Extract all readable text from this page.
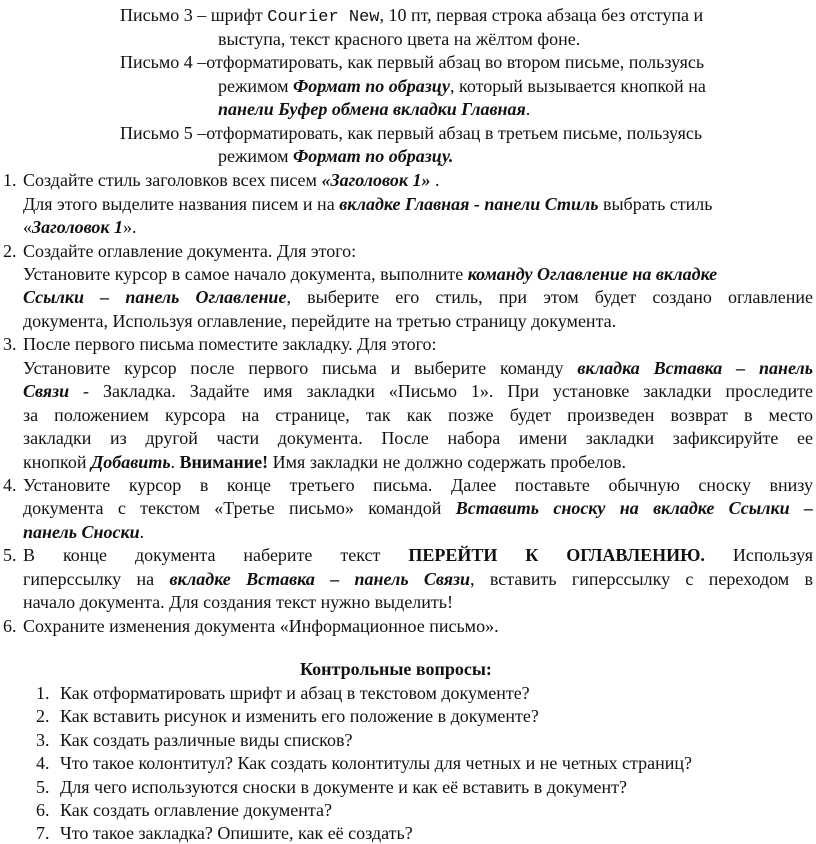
Письмо 3 – шрифт Courier New, 10 пт, первая строка абзаца без отступа и
выступа, текст красного цвета на жёлтом фоне.
Письмо 4 –отформатировать, как первый абзац во втором письме, пользуясь
режимом Формат по образцу, который вызывается кнопкой на
панели Буфер обмена вкладки Главная.
Письмо 5 –отформатировать, как первый абзац в третьем письме, пользуясь
режимом Формат по образцу.
1. Создайте стиль заголовков всех писем «Заголовок 1» .
Для этого выделите названия писем и на вкладке Главная - панели Стиль выбрать стиль
«Заголовок 1».
2. Создайте оглавление документа. Для этого:
Установите курсор в самое начало документа, выполните команду Оглавление на вкладке
Ссылки – панель Оглавление, выберите его стиль, при этом будет создано оглавление
документа, Используя оглавление, перейдите на третью страницу документа.
3. После первого письма поместите закладку. Для этого:
Установите курсор после первого письма и выберите команду вкладка Вставка – панель
Связи - Закладка. Задайте имя закладки «Письмо 1». При установке закладки проследите
за положением курсора на странице, так как позже будет произведен возврат в место
закладки из другой части документа. После набора имени закладки зафиксируйте ее
кнопкой Добавить. Внимание! Имя закладки не должно содержать пробелов.
4. Установите курсор в конце третьего письма. Далее поставьте обычную сноску внизу
документа с текстом «Третье письмо» командой Вставить сноску на вкладке Ссылки –
панель Сноски.
5. В конце документа наберите текст ПЕРЕЙТИ К ОГЛАВЛЕНИЮ. Используя
гиперссылку на вкладке Вставка – панель Связи, вставить гиперссылку с переходом в
начало документа. Для создания текст нужно выделить!
6. Сохраните изменения документа «Информационное письмо».
Контрольные вопросы:
1. Как отформатировать шрифт и абзац в текстовом документе?
2. Как вставить рисунок и изменить его положение в документе?
3. Как создать различные виды списков?
4. Что такое колонтитул? Как создать колонтитулы для четных и не четных страниц?
5. Для чего используются сноски в документе и как её вставить в документ?
6. Как создать оглавление документа?
7. Что такое закладка? Опишите, как её создать?
